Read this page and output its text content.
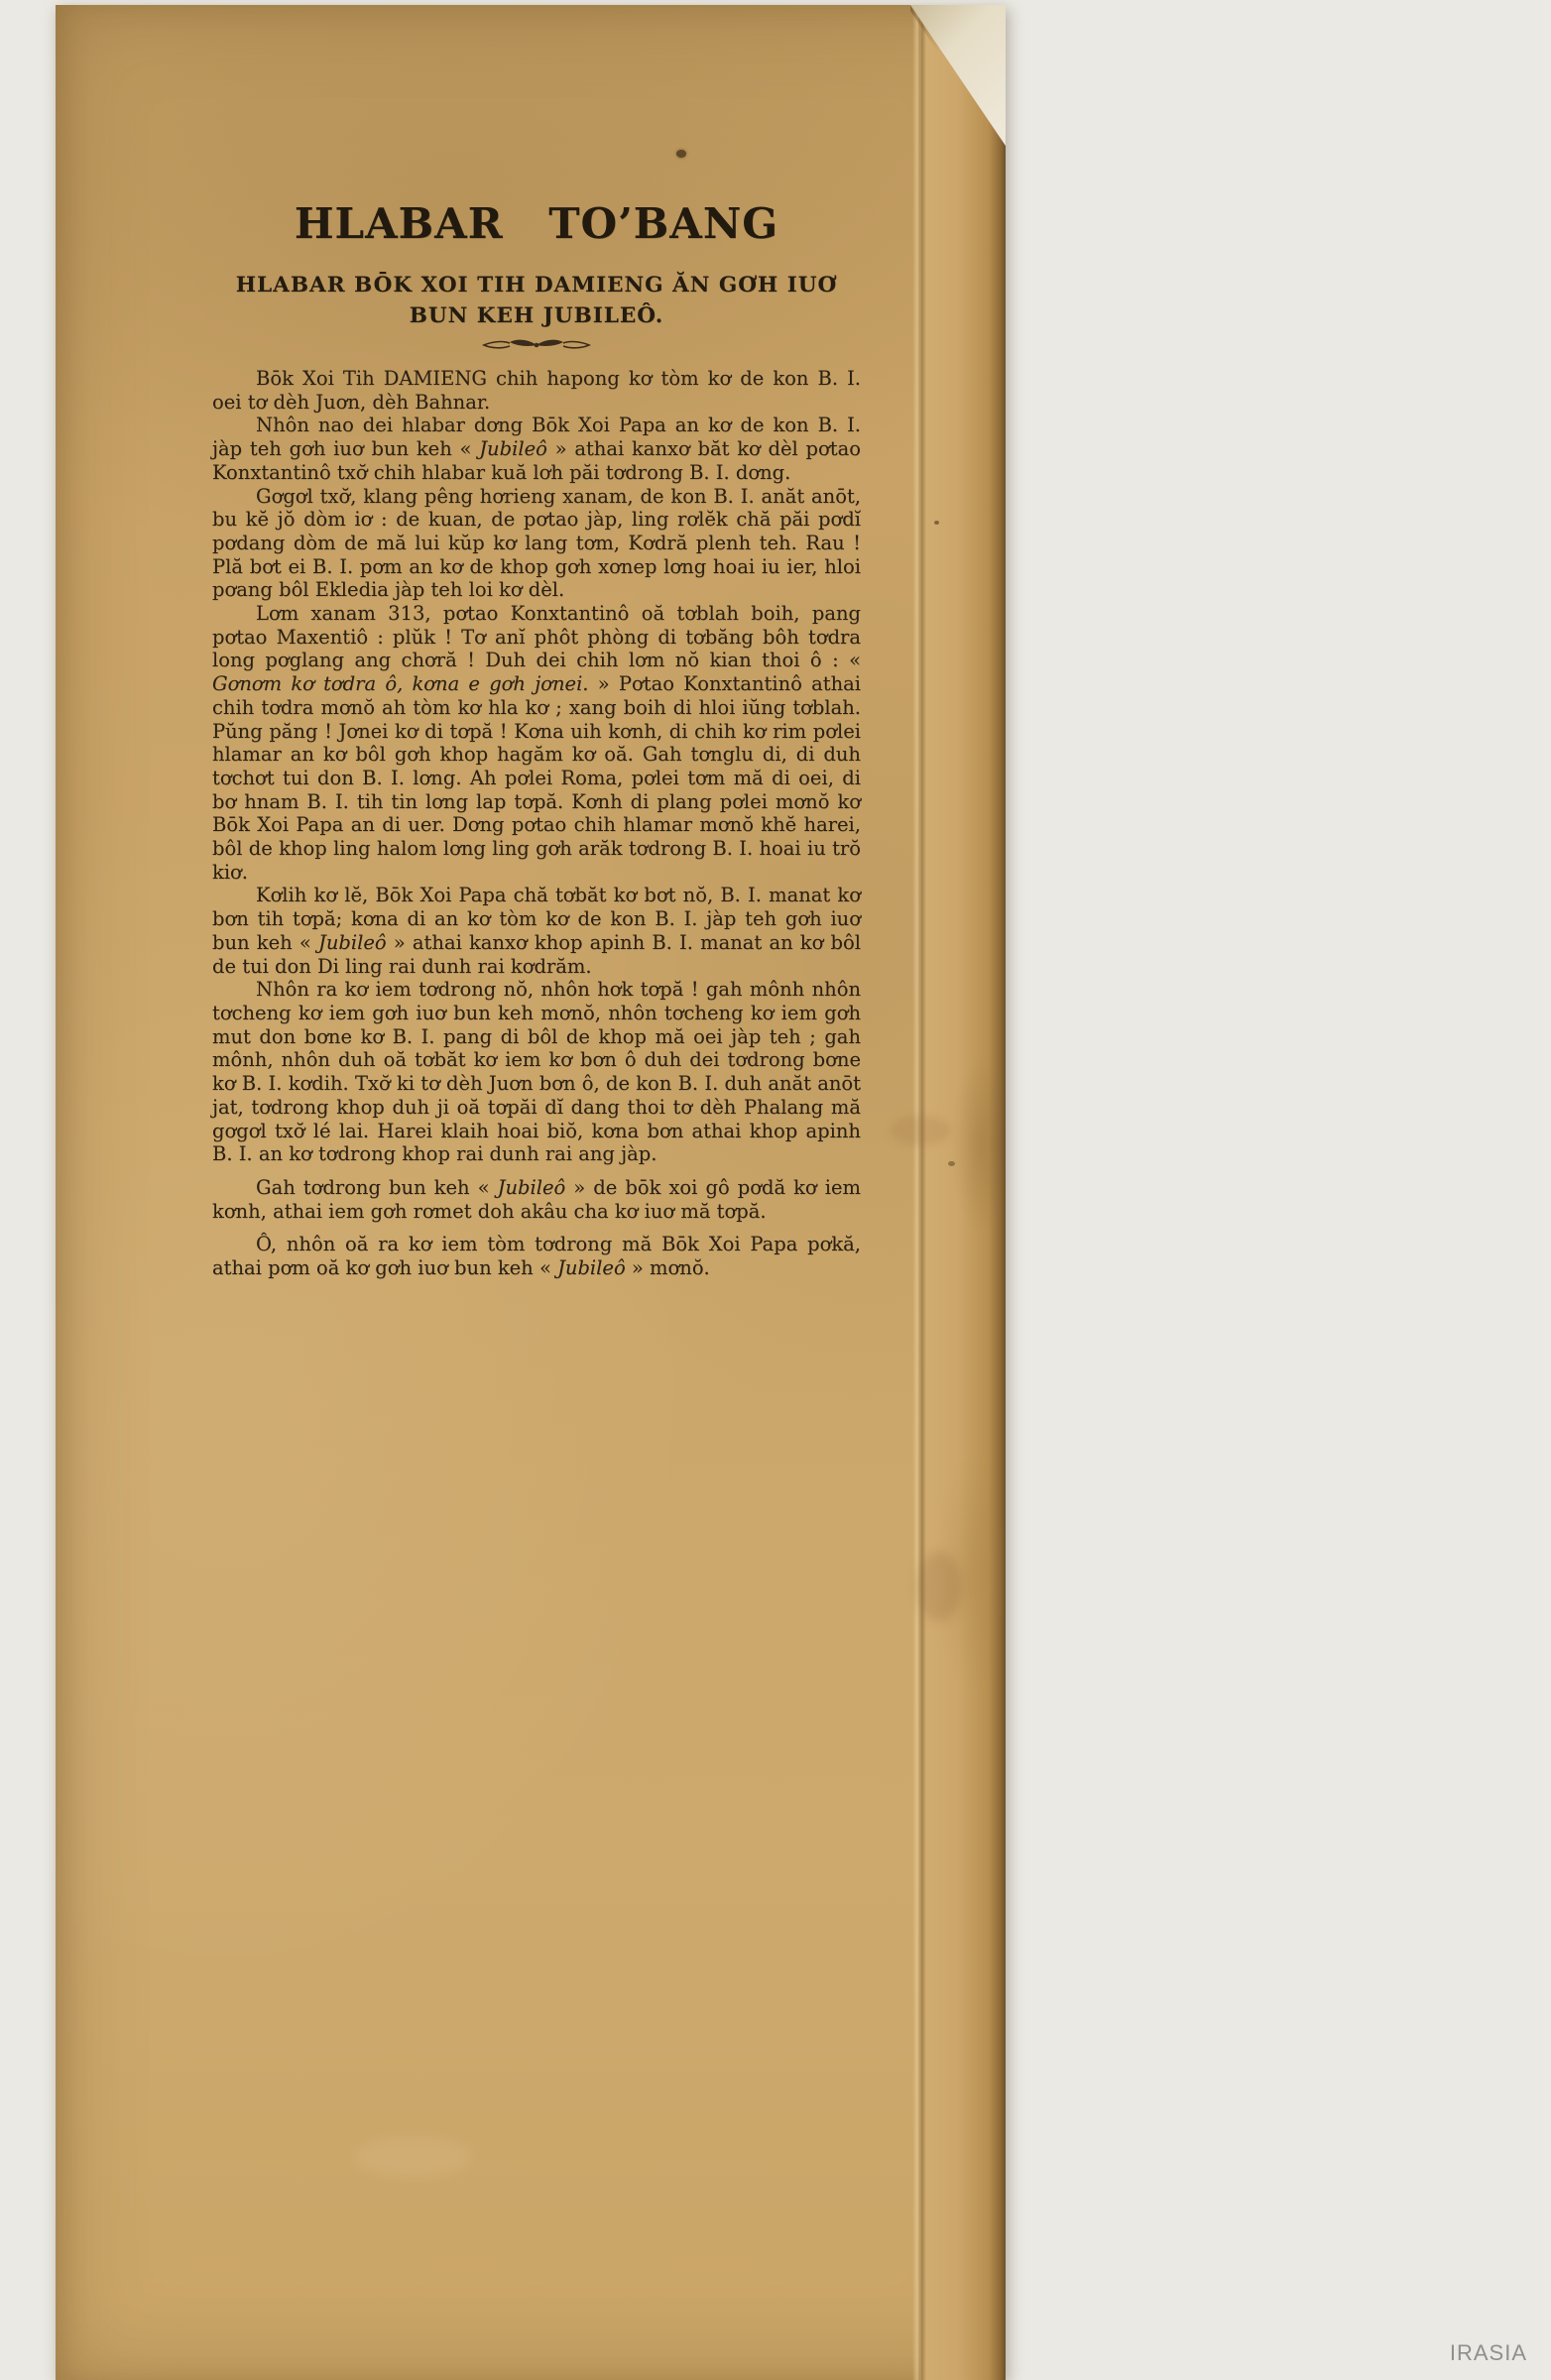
HLABAR TO’BANG
HLABAR BŌK XOI TIH DAMIENG ĂN GƠH IUƠ
BUN KEH JUBILEÔ.

Bōk Xoi Tih DAMIENG chih hapong kơ tòm kơ de kon B. I. oei tơ dèh Juơn, dèh Bahnar.

Nhôn nao dei hlabar dơng Bōk Xoi Papa an kơ de kon B. I. jàp teh gơh iuơ bun keh « Jubileô » athai kanxơ băt kơ dèl pơtao Konxtantinô txơ̆ chih hlabar kuă lơh păi tơdrong B. I. dơng.

Gơgơl txơ̆, klang pêng hơrieng xanam, de kon B. I. anăt anōt, bu kĕ jŏ dòm iơ : de kuan, de pơtao jàp, ling rơlĕk chă păi pơdĭ pơdang dòm de mă lui kŭp kơ lang tơm, Kơdră plenh teh. Rau ! Plă bơt ei B. I. pơm an kơ de khop gơh xơnep lơng hoai iu ier, hloi pơang bôl Ekledia jàp teh loi kơ dèl.

Lơm xanam 313, pơtao Konxtantinô oă tơblah boih, pang pơtao Maxentiô : plŭk ! Tơ anĭ phôt phòng di tơbăng bôh tơdra long pơglang ang chơră ! Duh dei chih lơm nŏ kian thoi ô : « Gơnơm kơ tơdra ô, kơna e gơh jơnei. » Pơtao Konxtantinô athai chih tơdra mơnŏ ah tòm kơ hla kơ ; xang boih di hloi iŭng tơblah. Pŭng păng ! Jơnei kơ di tơpă ! Kơna uih kơnh, di chih kơ rim pơlei hlamar an kơ bôl gơh khop hagăm kơ oă. Gah tơnglu di, di duh tơchơt tui don B. I. lơng. Ah pơlei Roma, pơlei tơm mă di oei, di bơ hnam B. I. tih tin lơng lap tơpă. Kơnh di plang pơlei mơnŏ kơ Bōk Xoi Papa an di uer. Dơng pơtao chih hlamar mơnŏ khĕ harei, bôl de khop ling halom lơng ling gơh arăk tơdrong B. I. hoai iu trŏ kiơ.

Kơlih kơ lĕ, Bōk Xoi Papa chă tơbăt kơ bơt nŏ, B. I. manat kơ bơn tih tơpă; kơna di an kơ tòm kơ de kon B. I. jàp teh gơh iuơ bun keh « Jubileô » athai kanxơ khop apinh B. I. manat an kơ bôl de tui don Di ling rai dunh rai kơdrăm.

Nhôn ra kơ iem tơdrong nŏ, nhôn hơk tơpă ! gah mônh nhôn tơcheng kơ iem gơh iuơ bun keh mơnŏ, nhôn tơcheng kơ iem gơh mut don bơne kơ B. I. pang di bôl de khop mă oei jàp teh ; gah mônh, nhôn duh oă tơbăt kơ iem kơ bơn ô duh dei tơdrong bơne kơ B. I. kơdih. Txơ̆ ki tơ dèh Juơn bơn ô, de kon B. I. duh anăt anōt jat, tơdrong khop duh ji oă tơpăi dĭ dang thoi tơ dèh Phalang mă gơgơl txơ̆ lé lai. Harei klaih hoai biŏ, kơna bơn athai khop apinh B. I. an kơ tơdrong khop rai dunh rai ang jàp.

Gah tơdrong bun keh « Jubileô » de bōk xoi gô pơdă kơ iem kơnh, athai iem gơh rơmet doh akâu cha kơ iuơ mă tơpă.

Ô, nhôn oă ra kơ iem tòm tơdrong mă Bōk Xoi Papa pơkă, athai pơm oă kơ gơh iuơ bun keh « Jubileô » mơnŏ.

IRASIA
